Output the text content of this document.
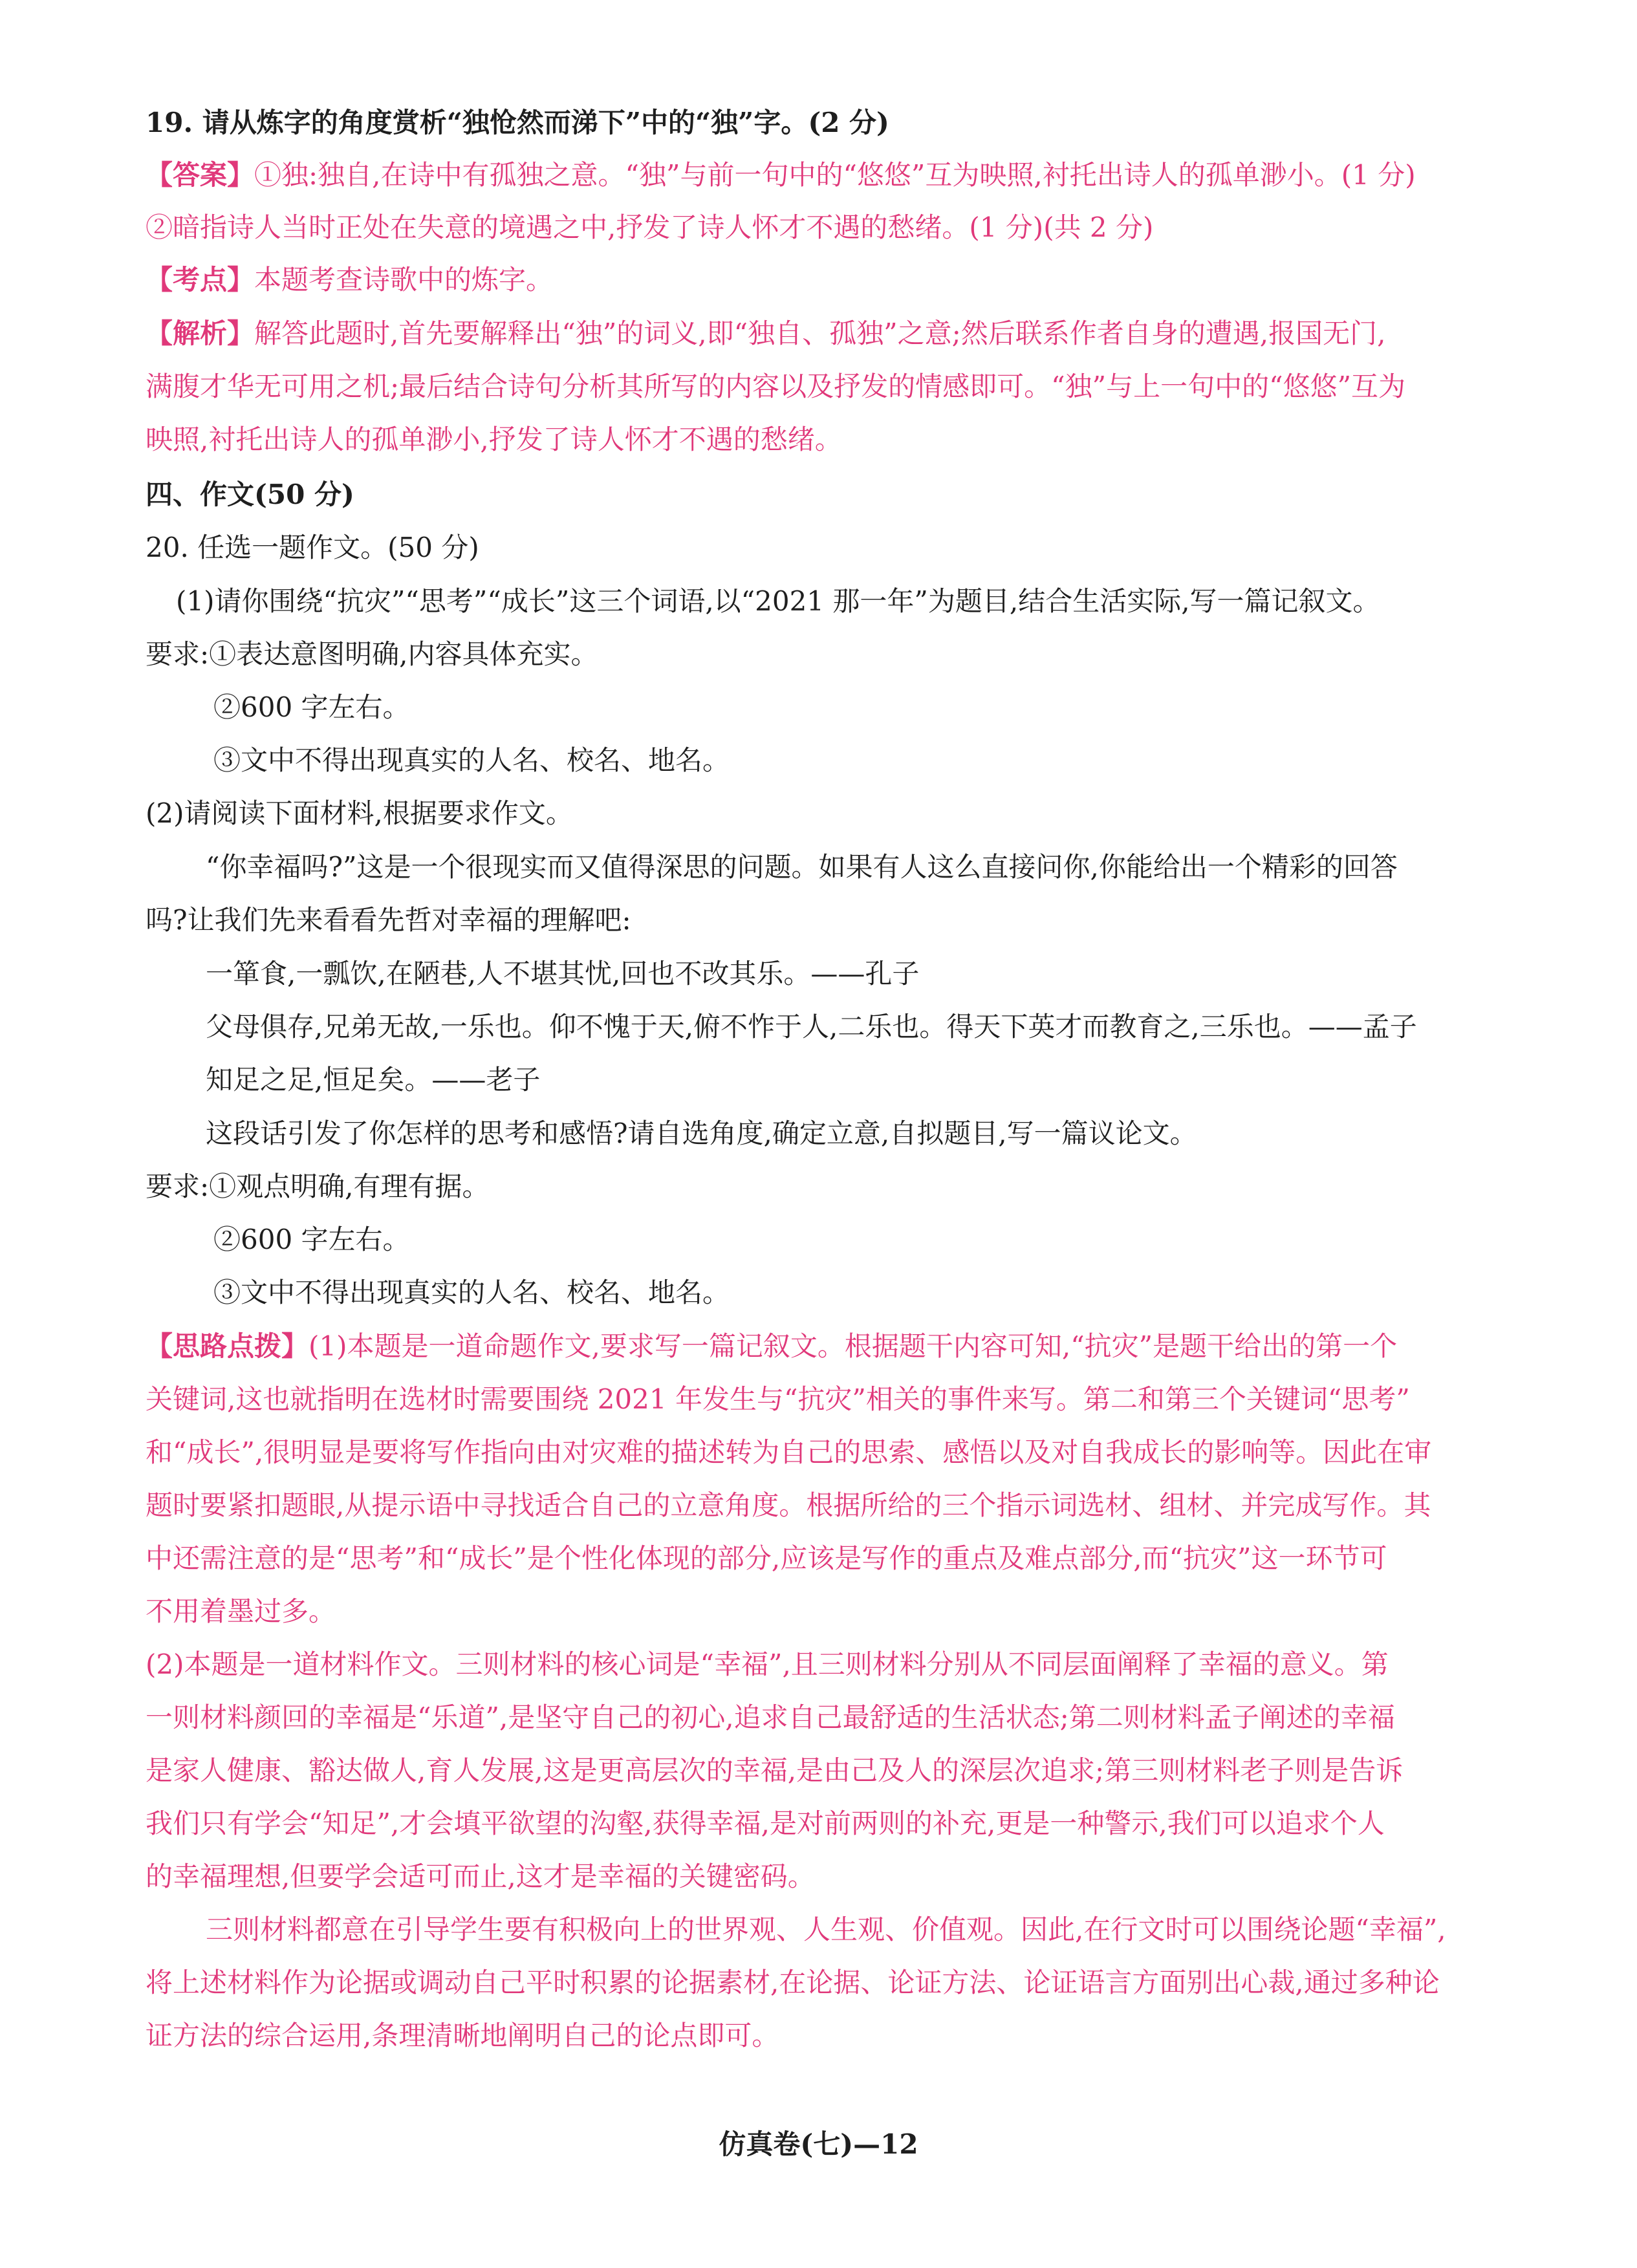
19. 请从炼字的角度赏析“独怆然而涕下”中的“独”字。(2 分)
【答案】①独:独自,在诗中有孤独之意。“独”与前一句中的“悠悠”互为映照,衬托出诗人的孤单渺小。(1 分)
②暗指诗人当时正处在失意的境遇之中,抒发了诗人怀才不遇的愁绪。(1 分)(共 2 分)
【考点】本题考查诗歌中的炼字。
【解析】解答此题时,首先要解释出“独”的词义,即“独自、孤独”之意;然后联系作者自身的遭遇,报国无门,
满腹才华无可用之机;最后结合诗句分析其所写的内容以及抒发的情感即可。“独”与上一句中的“悠悠”互为
映照,衬托出诗人的孤单渺小,抒发了诗人怀才不遇的愁绪。
四、作文(50 分)
20. 任选一题作文。(50 分)
(1)请你围绕“抗灾”“思考”“成长”这三个词语,以“2021 那一年”为题目,结合生活实际,写一篇记叙文。
要求:①表达意图明确,内容具体充实。
②600 字左右。
③文中不得出现真实的人名、校名、地名。
(2)请阅读下面材料,根据要求作文。
“你幸福吗?”这是一个很现实而又值得深思的问题。如果有人这么直接问你,你能给出一个精彩的回答
吗?让我们先来看看先哲对幸福的理解吧:
一箪食,一瓢饮,在陋巷,人不堪其忧,回也不改其乐。——孔子
父母俱存,兄弟无故,一乐也。仰不愧于天,俯不怍于人,二乐也。得天下英才而教育之,三乐也。——孟子
知足之足,恒足矣。——老子
这段话引发了你怎样的思考和感悟?请自选角度,确定立意,自拟题目,写一篇议论文。
要求:①观点明确,有理有据。
②600 字左右。
③文中不得出现真实的人名、校名、地名。
【思路点拨】(1)本题是一道命题作文,要求写一篇记叙文。根据题干内容可知,“抗灾”是题干给出的第一个
关键词,这也就指明在选材时需要围绕 2021 年发生与“抗灾”相关的事件来写。第二和第三个关键词“思考”
和“成长”,很明显是要将写作指向由对灾难的描述转为自己的思索、感悟以及对自我成长的影响等。因此在审
题时要紧扣题眼,从提示语中寻找适合自己的立意角度。根据所给的三个指示词选材、组材、并完成写作。其
中还需注意的是“思考”和“成长”是个性化体现的部分,应该是写作的重点及难点部分,而“抗灾”这一环节可
不用着墨过多。
(2)本题是一道材料作文。三则材料的核心词是“幸福”,且三则材料分别从不同层面阐释了幸福的意义。第
一则材料颜回的幸福是“乐道”,是坚守自己的初心,追求自己最舒适的生活状态;第二则材料孟子阐述的幸福
是家人健康、豁达做人,育人发展,这是更高层次的幸福,是由己及人的深层次追求;第三则材料老子则是告诉
我们只有学会“知足”,才会填平欲望的沟壑,获得幸福,是对前两则的补充,更是一种警示,我们可以追求个人
的幸福理想,但要学会适可而止,这才是幸福的关键密码。
三则材料都意在引导学生要有积极向上的世界观、人生观、价值观。因此,在行文时可以围绕论题“幸福”,
将上述材料作为论据或调动自己平时积累的论据素材,在论据、论证方法、论证语言方面别出心裁,通过多种论
证方法的综合运用,条理清晰地阐明自己的论点即可。
仿真卷(七)—12
